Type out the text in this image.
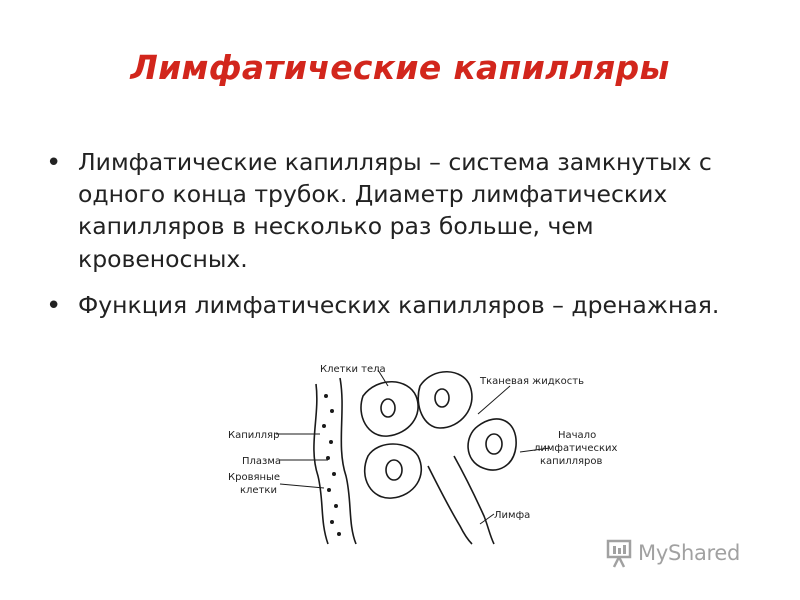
Лимфатические капилляры
• Лимфатические капилляры – система замкнутых с одного конца трубок. Диаметр лимфатических капилляров в несколько раз больше, чем кровеносных.
• Функция лимфатических капилляров – дренажная.
Клетки тела
Тканевая жидкость
Капилляр
Плазма
Кровяные
клетки
Начало
лимфатических
капилляров
Лимфа
MyShared
